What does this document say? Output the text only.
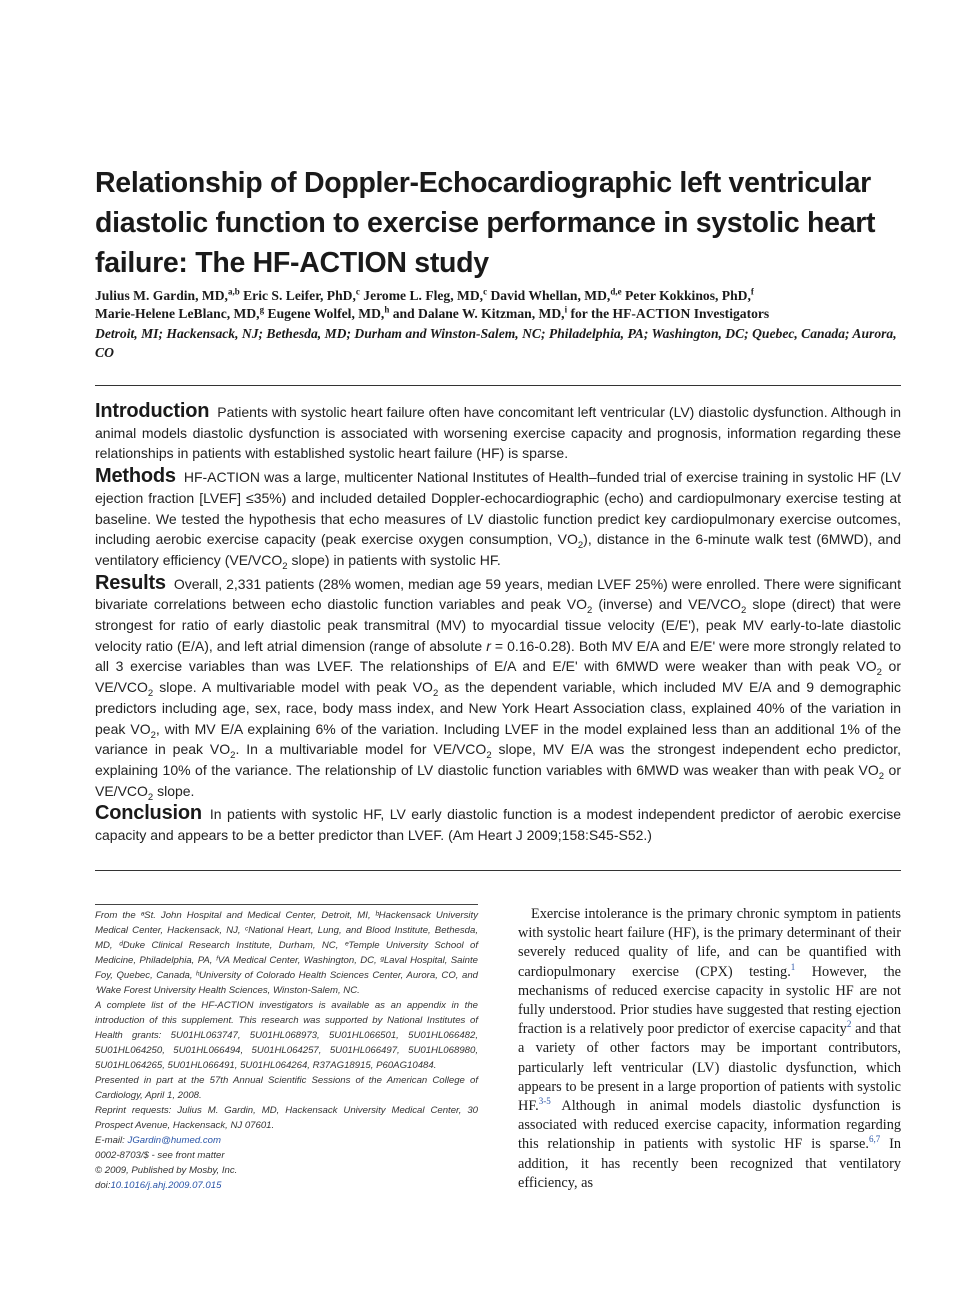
Relationship of Doppler-Echocardiographic left ventricular diastolic function to exercise performance in systolic heart failure: The HF-ACTION study
Julius M. Gardin, MD,$^{a,b}$ Eric S. Leifer, PhD,$^c$ Jerome L. Fleg, MD,$^c$ David Whellan, MD,$^{d,e}$ Peter Kokkinos, PhD,$^f$
Marie-Helene LeBlanc, MD,$^g$ Eugene Wolfel, MD,$^h$ and Dalane W. Kitzman, MD,$^i$ for the HF-ACTION Investigators
Detroit, MI; Hackensack, NJ; Bethesda, MD; Durham and Winston-Salem, NC; Philadelphia, PA; Washington, DC; Quebec, Canada; Aurora, CO

Introduction Patients with systolic heart failure often have concomitant left ventricular (LV) diastolic dysfunction. Although in animal models diastolic dysfunction is associated with worsening exercise capacity and prognosis, information regarding these relationships in patients with established systolic heart failure (HF) is sparse.

Methods HF-ACTION was a large, multicenter National Institutes of Health–funded trial of exercise training in systolic HF (LV ejection fraction [LVEF] ≤35%) and included detailed Doppler-echocardiographic (echo) and cardiopulmonary exercise testing at baseline. We tested the hypothesis that echo measures of LV diastolic function predict key cardiopulmonary exercise outcomes, including aerobic exercise capacity (peak exercise oxygen consumption, $VO_2$), distance in the 6-minute walk test (6MWD), and ventilatory efficiency ($VE/VCO_2$ slope) in patients with systolic HF.

Results Overall, 2,331 patients (28% women, median age 59 years, median LVEF 25%) were enrolled. There were significant bivariate correlations between echo diastolic function variables and peak $VO_2$ (inverse) and $VE/VCO_2$ slope (direct) that were strongest for ratio of early diastolic peak transmitral (MV) to myocardial tissue velocity (E/E'), peak MV early-to-late diastolic velocity ratio (E/A), and left atrial dimension (range of absolute r = 0.16-0.28). Both MV E/A and E/E' were more strongly related to all 3 exercise variables than was LVEF. The relationships of E/A and E/E' with 6MWD were weaker than with peak $VO_2$ or $VE/VCO_2$ slope. A multivariable model with peak $VO_2$ as the dependent variable, which included MV E/A and 9 demographic predictors including age, sex, race, body mass index, and New York Heart Association class, explained 40% of the variation in peak $VO_2$, with MV E/A explaining 6% of the variation. Including LVEF in the model explained less than an additional 1% of the variance in peak $VO_2$. In a multivariable model for $VE/VCO_2$ slope, MV E/A was the strongest independent echo predictor, explaining 10% of the variance. The relationship of LV diastolic function variables with 6MWD was weaker than with peak $VO_2$ or $VE/VCO_2$ slope.

Conclusion In patients with systolic HF, LV early diastolic function is a modest independent predictor of aerobic exercise capacity and appears to be a better predictor than LVEF. (Am Heart J 2009;158:S45-S52.)

From the ᵃSt. John Hospital and Medical Center, Detroit, MI, ᵇHackensack University Medical Center, Hackensack, NJ, ᶜNational Heart, Lung, and Blood Institute, Bethesda, MD, ᵈDuke Clinical Research Institute, Durham, NC, ᵉTemple University School of Medicine, Philadelphia, PA, ᶠVA Medical Center, Washington, DC, ᵍLaval Hospital, Sainte Foy, Quebec, Canada, ʰUniversity of Colorado Health Sciences Center, Aurora, CO, and ⁱWake Forest University Health Sciences, Winston-Salem, NC.

A complete list of the HF-ACTION investigators is available as an appendix in the introduction of this supplement. This research was supported by National Institutes of Health grants: 5U01HL063747, 5U01HL068973, 5U01HL066501, 5U01HL066482, 5U01HL064250, 5U01HL066494, 5U01HL064257, 5U01HL066497, 5U01HL068980, 5U01HL064265, 5U01HL066491, 5U01HL064264, R37AG18915, P60AG10484.

Presented in part at the 57th Annual Scientific Sessions of the American College of Cardiology, April 1, 2008.

Reprint requests: Julius M. Gardin, MD, Hackensack University Medical Center, 30 Prospect Avenue, Hackensack, NJ 07601.

E-mail: JGardin@humed.com

0002-8703/$ - see front matter

© 2009, Published by Mosby, Inc.

doi:10.1016/j.ahj.2009.07.015

Exercise intolerance is the primary chronic symptom in patients with systolic heart failure (HF), is the primary determinant of their severely reduced quality of life, and can be quantified with cardiopulmonary exercise (CPX) testing.$^1$ However, the mechanisms of reduced exercise capacity in systolic HF are not fully understood. Prior studies have suggested that resting ejection fraction is a relatively poor predictor of exercise capacity$^2$ and that a variety of other factors may be important contributors, particularly left ventricular (LV) diastolic dysfunction, which appears to be present in a large proportion of patients with systolic HF.$^{3-5}$ Although in animal models diastolic dysfunction is associated with reduced exercise capacity, information regarding this relationship in patients with systolic HF is sparse.$^{6,7}$ In addition, it has recently been recognized that ventilatory efficiency, as
